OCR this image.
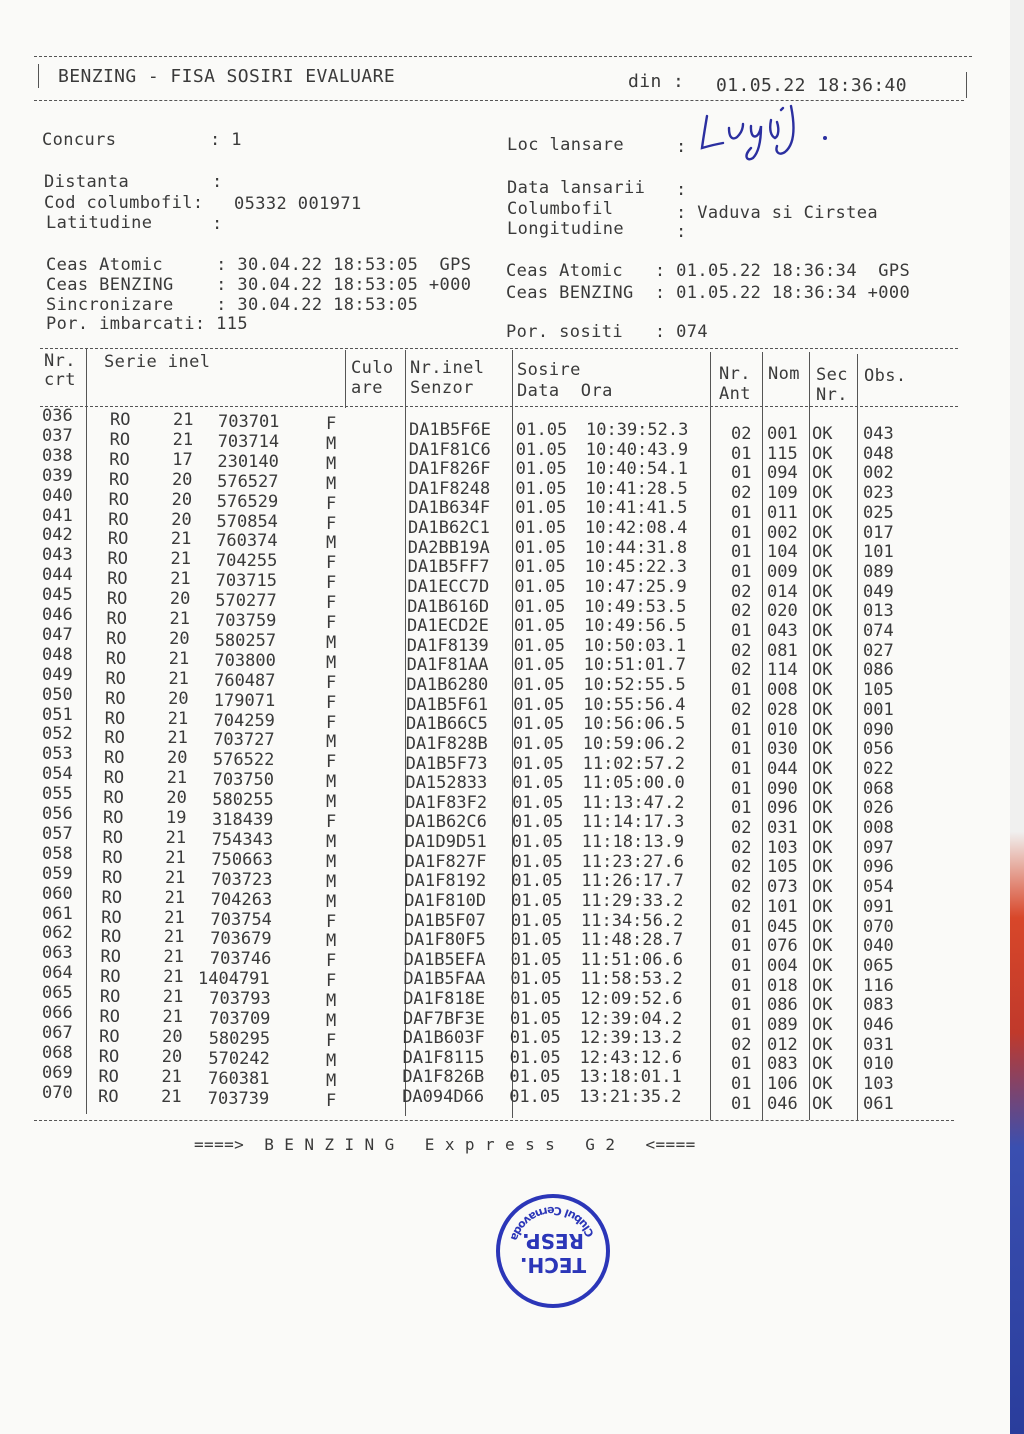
BENZING - FISA SOSIRI EVALUARE	din : 01.05.22 18:36:40
Concurs	: 1	Loc lansare	:
Distanta	:
Cod columbofil: 05332 001971
Latitudine	:
Data lansarii :
Columbofil	: Vaduva si Cirstea
Longitudine	:
Ceas Atomic     : 30.04.22 18:53:05  GPS
Ceas BENZING    : 30.04.22 18:53:05 +000
Sincronizare    : 30.04.22 18:53:05
Por. imbarcati: 115
Ceas Atomic   : 01.05.22 18:36:34  GPS
Ceas BENZING  : 01.05.22 18:36:34 +000
Por. sositi   : 074
Nr.
crt
Serie inel	Culo
are
Nr.inel
Senzor
Sosire
Data  Ora
Nr.
Ant
Nom Sec
Nr.
Obs.
036 RO	21 703701	F	DA1B5F6E 01.05 10:39:52.3	02 001 OK 043
037 RO	21 703714	M	DA1F81C6 01.05 10:40:43.9	01 115 OK 048
038 RO	17 230140	M	DA1F826F 01.05 10:40:54.1	01 094 OK 002
039 RO	20 576527	M	DA1F8248 01.05 10:41:28.5	02 109 OK 023
040 RO	20 576529	F	DA1B634F 01.05 10:41:41.5	01 011 OK 025
041 RO	20 570854	F	DA1B62C1 01.05 10:42:08.4	01 002 OK 017
042 RO	21 760374	M	DA2BB19A 01.05 10:44:31.8	01 104 OK 101
043 RO	21 704255	F	DA1B5FF7 01.05 10:45:22.3	01 009 OK 089
044 RO	21 703715	F	DA1ECC7D 01.05 10:47:25.9	02 014 OK 049
045 RO	20 570277	F	DA1B616D 01.05 10:49:53.5	02 020 OK 013
046 RO	21 703759	F	DA1ECD2E 01.05 10:49:56.5	01 043 OK 074
047 RO	20 580257	M	DA1F8139 01.05 10:50:03.1	02 081 OK 027
048 RO	21 703800	M	DA1F81AA 01.05 10:51:01.7	02 114 OK 086
049 RO	21 760487	F	DA1B6280 01.05 10:52:55.5	01 008 OK 105
050 RO	20 179071	F	DA1B5F61 01.05 10:55:56.4	02 028 OK 001
051 RO	21 704259	F	DA1B66C5 01.05 10:56:06.5	01 010 OK 090
052 RO	21 703727	M	DA1F828B 01.05 10:59:06.2	01 030 OK 056
053 RO	20 576522	F	DA1B5F73 01.05 11:02:57.2	01 044 OK 022
054 RO	21 703750	M	DA152833 01.05 11:05:00.0	01 090 OK 068
055 RO	20 580255	M	DA1F83F2 01.05 11:13:47.2	01 096 OK 026
056 RO	19 318439	F	DA1B62C6 01.05 11:14:17.3	02 031 OK 008
057 RO	21 754343	M	DA1D9D51 01.05 11:18:13.9	02 103 OK 097
058 RO	21 750663	M	DA1F827F 01.05 11:23:27.6	02 105 OK 096
059 RO	21 703723	M	DA1F8192 01.05 11:26:17.7	02 073 OK 054
060 RO	21 704263	M	DA1F810D 01.05 11:29:33.2	02 101 OK 091
061 RO	21 703754	F	DA1B5F07 01.05 11:34:56.2	01 045 OK 070
062 RO	21 703679	M	DA1F80F5 01.05 11:48:28.7	01 076 OK 040
063 RO	21 703746	F	DA1B5EFA 01.05 11:51:06.6	01 004 OK 065
064 RO	21 1404791	F	DA1B5FAA 01.05 11:58:53.2	01 018 OK 116
065 RO	21 703793	M	DA1F818E 01.05 12:09:52.6	01 086 OK 083
066 RO	21 703709	M	DAF7BF3E 01.05 12:39:04.2	01 089 OK 046
067 RO	20 580295	F	DA1B603F 01.05 12:39:13.2	02 012 OK 031
068 RO	20 570242	M	DA1F8115 01.05 12:43:12.6	01 083 OK 010
069 RO	21 760381	M	DA1F826B 01.05 13:18:01.1	01 106 OK 103
070 RO	21 703739	F	DA094D66 01.05 13:21:35.2	01 046 OK 061
====>  B E N Z I N G   E x p r e s s   G 2   <====
Clubul Cernavoda
TECH.
RESP.
